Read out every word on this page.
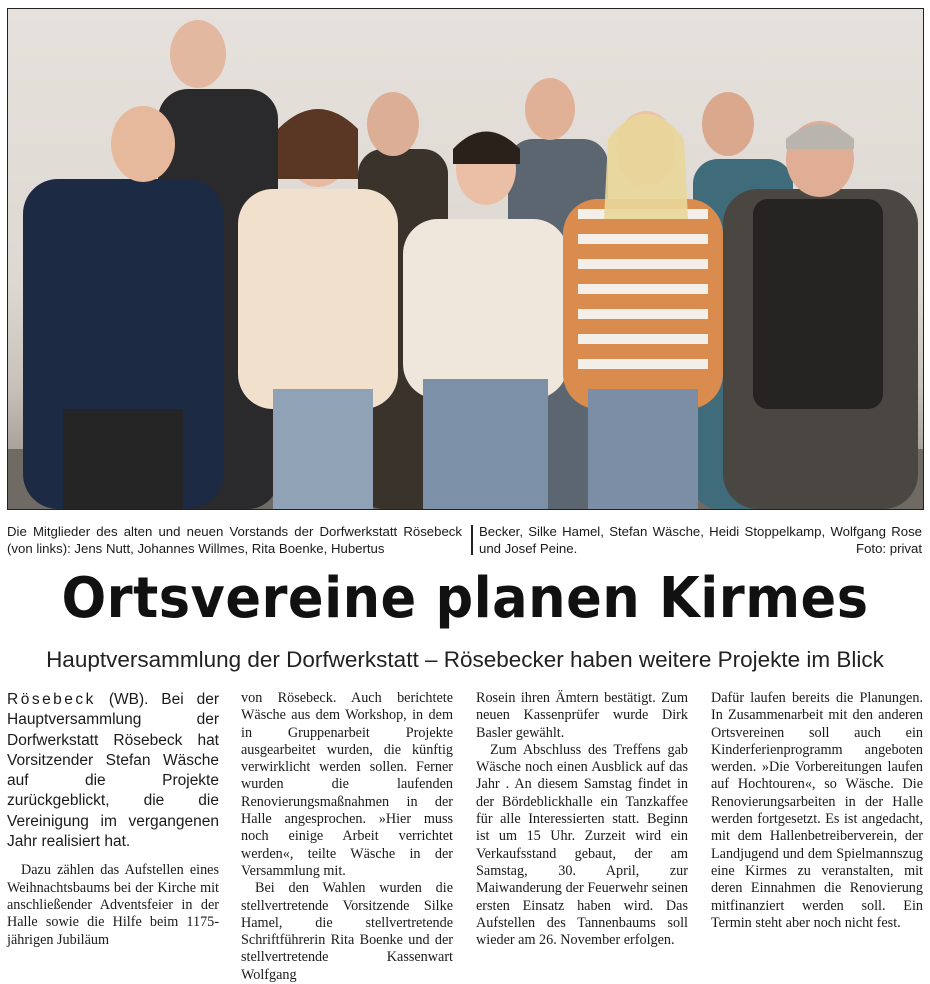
Die Mitglieder des alten und neuen Vorstands der Dorfwerkstatt Rösebeck (von links): Jens Nutt, Johannes Willmes, Rita Boenke, Hubertus
Becker, Silke Hamel, Stefan Wäsche, Heidi Stoppelkamp, Wolfgang Rose und Josef Peine.	Foto: privat
Ortsvereine planen Kirmes
Hauptversammlung der Dorfwerkstatt – Rösebecker haben weitere Projekte im Blick

Rösebeck (WB). Bei der Hauptversammlung der Dorfwerkstatt Rösebeck hat Vorsitzender Stefan Wäsche auf die Projekte zurückgeblickt, die die Vereinigung im vergangenen Jahr realisiert hat.

Dazu zählen das Aufstellen eines Weihnachtsbaums bei der Kirche mit anschließender Adventsfeier in der Halle sowie die Hilfe beim 1175-jährigen Jubiläum

von Rösebeck. Auch berichtete Wäsche aus dem Workshop, in dem in Gruppenarbeit Projekte ausgearbeitet wurden, die künftig verwirklicht werden sollen. Ferner wurden die laufenden Renovierungsmaßnahmen in der Halle angesprochen. »Hier muss noch einige Arbeit verrichtet werden«, teilte Wäsche in der Versammlung mit.

Bei den Wahlen wurden die stellvertretende Vorsitzende Silke Hamel, die stellvertretende Schriftführerin Rita Boenke und der stellvertretende Kassenwart Wolfgang

Rosein ihren Ämtern bestätigt. Zum neuen Kassenprüfer wurde Dirk Basler gewählt.

Zum Abschluss des Treffens gab Wäsche noch einen Ausblick auf das Jahr . An diesem Samstag findet in der Bördeblickhalle ein Tanzkaffee für alle Interessierten statt. Beginn ist um 15 Uhr. Zurzeit wird ein Verkaufsstand gebaut, der am Samstag, 30. April, zur Maiwanderung der Feuerwehr seinen ersten Einsatz haben wird. Das Aufstellen des Tannenbaums soll wieder am 26. November erfolgen.

Dafür laufen bereits die Planungen. In Zusammenarbeit mit den anderen Ortsvereinen soll auch ein Kinderferienprogramm angeboten werden. »Die Vorbereitungen laufen auf Hochtouren«, so Wäsche. Die Renovierungsarbeiten in der Halle werden fortgesetzt. Es ist angedacht, mit dem Hallenbetreiberverein, der Landjugend und dem Spielmannszug eine Kirmes zu veranstalten, mit deren Einnahmen die Renovierung mitfinanziert werden soll. Ein Termin steht aber noch nicht fest.
